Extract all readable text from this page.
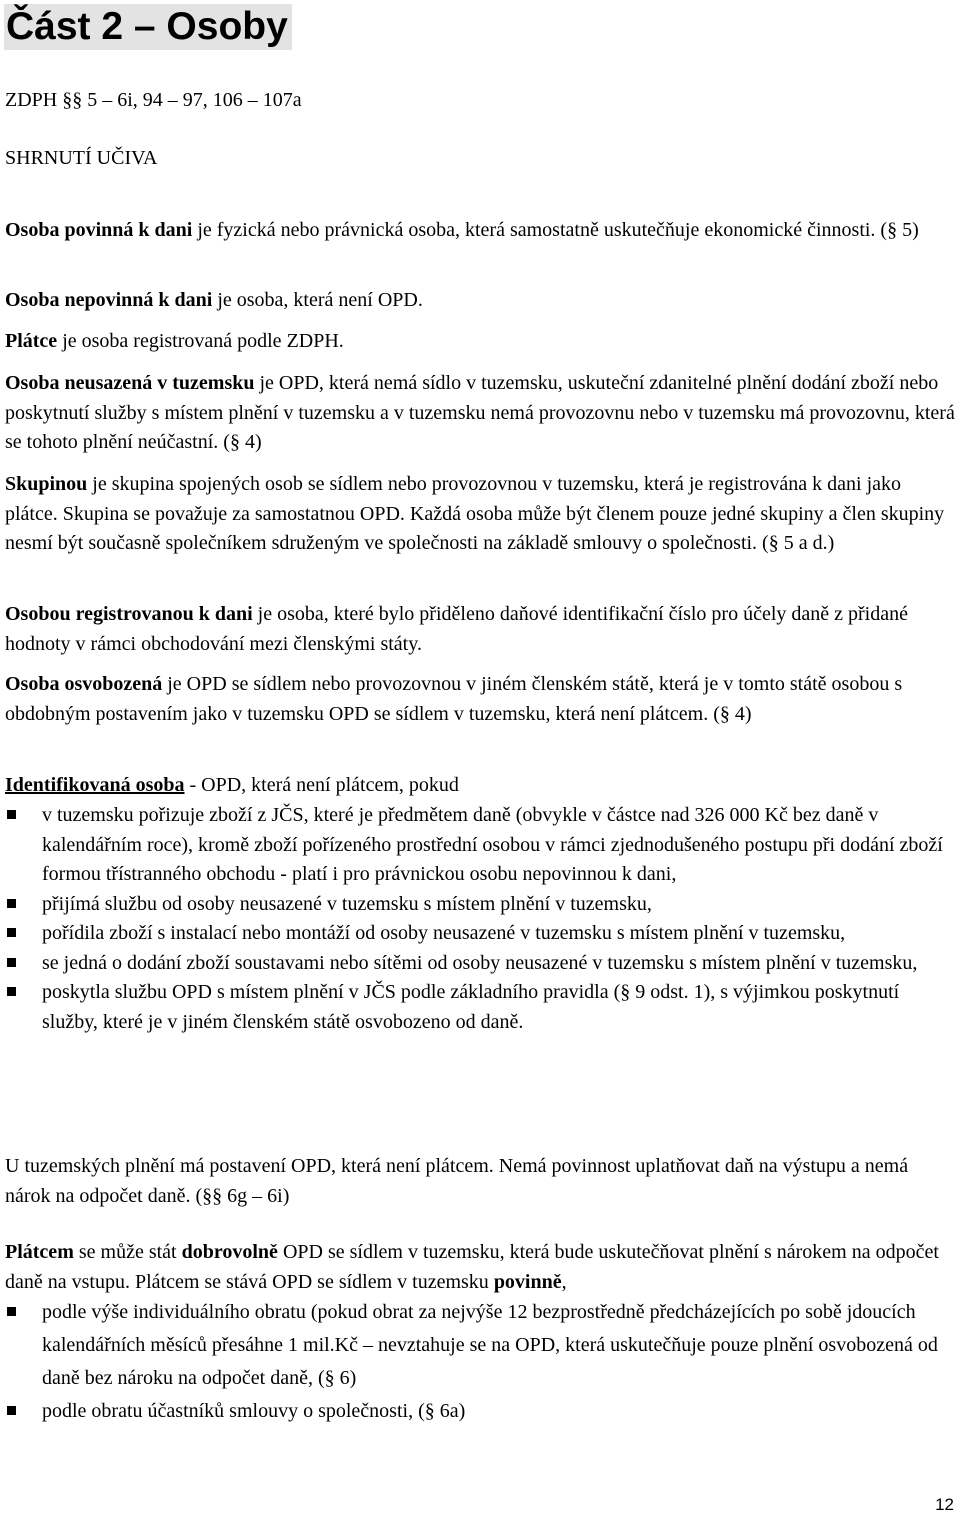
Část 2 – Osoby
ZDPH §§ 5 – 6i, 94 – 97, 106 – 107a
SHRNUTÍ UČIVA

Osoba povinná k dani je fyzická nebo právnická osoba, která samostatně uskutečňuje ekonomické činnosti. (§ 5)

Osoba nepovinná k dani je osoba, která není OPD.

Plátce je osoba registrovaná podle ZDPH.

Osoba neusazená v tuzemsku je OPD, která nemá sídlo v tuzemsku, uskuteční zdanitelné plnění dodání zboží nebo poskytnutí služby s místem plnění v tuzemsku a v tuzemsku nemá provozovnu nebo v tuzemsku má provozovnu, která se tohoto plnění neúčastní. (§ 4)

Skupinou je skupina spojených osob se sídlem nebo provozovnou v tuzemsku, která je registrována k dani jako plátce. Skupina se považuje za samostatnou OPD. Každá osoba může být členem pouze jedné skupiny a člen skupiny nesmí být současně společníkem sdruženým ve společnosti na základě smlouvy o společnosti. (§ 5 a d.)

Osobou registrovanou k dani je osoba, které bylo přiděleno daňové identifikační číslo pro účely daně z přidané hodnoty v rámci obchodování mezi členskými státy.

Osoba osvobozená je OPD se sídlem nebo provozovnou v jiném členském státě, která je v tomto státě osobou s obdobným postavením jako v tuzemsku OPD se sídlem v tuzemsku, která není plátcem. (§ 4)

Identifikovaná osoba - OPD, která není plátcem, pokud

v tuzemsku pořizuje zboží z JČS, které je předmětem daně (obvykle v částce nad 326 000 Kč bez daně v kalendářním roce), kromě zboží pořízeného prostřední osobou v rámci zjednodušeného postupu při dodání zboží formou třístranného obchodu - platí i pro právnickou osobu nepovinnou k dani,
přijímá službu od osoby neusazené v tuzemsku s místem plnění v tuzemsku,
pořídila zboží s instalací nebo montáží od osoby neusazené v tuzemsku s místem plnění v tuzemsku,
se jedná o dodání zboží soustavami nebo sítěmi od osoby neusazené v tuzemsku s místem plnění v tuzemsku,
poskytla službu OPD s místem plnění v JČS podle základního pravidla (§ 9 odst. 1), s výjimkou poskytnutí služby, které je v jiném členském státě osvobozeno od daně.
U tuzemských plnění má postavení OPD, která není plátcem. Nemá povinnost uplatňovat daň na výstupu a nemá nárok na odpočet daně. (§§ 6g – 6i)

Plátcem se může stát dobrovolně OPD se sídlem v tuzemsku, která bude uskutečňovat plnění s nárokem na odpočet daně na vstupu. Plátcem se stává OPD se sídlem v tuzemsku povinně,

podle výše individuálního obratu (pokud obrat za nejvýše 12 bezprostředně předcházejících po sobě jdoucích kalendářních měsíců přesáhne 1 mil.Kč – nevztahuje se na OPD, která uskutečňuje pouze plnění osvobozená od daně bez nároku na odpočet daně, (§ 6)
podle obratu účastníků smlouvy o společnosti, (§ 6a)
12
